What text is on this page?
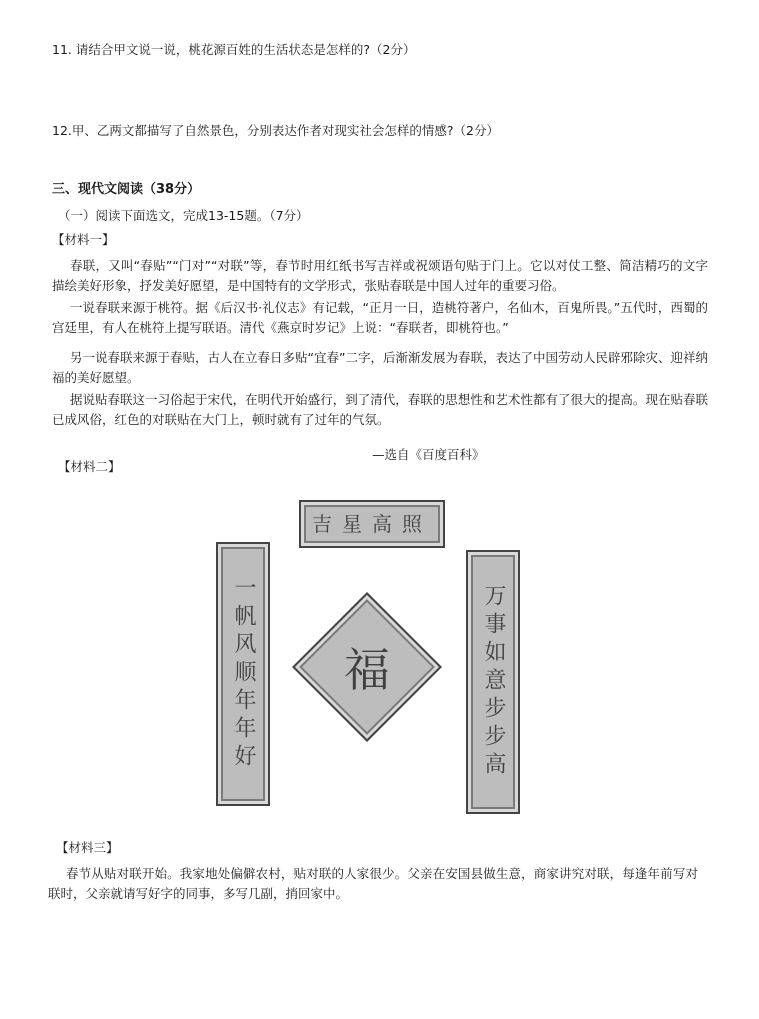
11. 请结合甲文说一说，桃花源百姓的生活状态是怎样的?（2分）
12.甲、乙两文都描写了自然景色，分别表达作者对现实社会怎样的情感?（2分）
三、现代文阅读（38分）
（一）阅读下面选文，完成13-15题。（7分）
【材料一】
春联，又叫“春贴”“门对”“对联”等，春节时用红纸书写吉祥或祝颂语句贴于门上。它以对仗工整、简洁精巧的文字描绘美好形象，抒发美好愿望，是中国特有的文学形式，张贴春联是中国人过年的重要习俗。
一说春联来源于桃符。据《后汉书·礼仪志》有记载，“正月一日，造桃符著户，名仙木，百鬼所畏。”五代时，西蜀的宫廷里，有人在桃符上提写联语。清代《燕京时岁记》上说：“春联者，即桃符也。”
另一说春联来源于春贴，古人在立春日多贴“宜春”二字，后渐渐发展为春联，表达了中国劳动人民辟邪除灾、迎祥纳福的美好愿望。
据说贴春联这一习俗起于宋代，在明代开始盛行，到了清代，春联的思想性和艺术性都有了很大的提高。现在贴春联已成风俗，红色的对联贴在大门上，顿时就有了过年的气氛。
—选自《百度百科》
【材料二】
吉星高照
一帆风顺年年好	万事如意步步高
福
【材料三】
春节从贴对联开始。我家地处偏僻农村，贴对联的人家很少。父亲在安国县做生意，商家讲究对联，每逢年前写对联时，父亲就请写好字的同事，多写几副，捎回家中。
